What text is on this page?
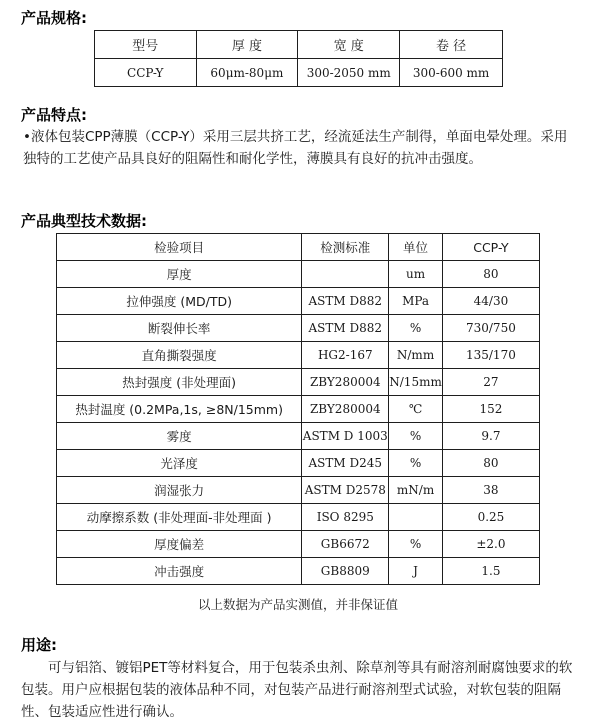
产品规格:
型号	厚 度	宽 度	卷 径
CCP-Y	60μm-80μm	300-2050 mm	300-600 mm
产品特点:

•液体包装CPP薄膜（CCP-Y）采用三层共挤工艺，经流延法生产制得，单面电晕处理。采用独特的工艺使产品具良好的阻隔性和耐化学性，薄膜具有良好的抗冲击强度。

产品典型技术数据:
检验项目	检测标准	单位	CCP-Y
厚度		um	80
拉伸强度 (MD/TD)	ASTM D882	MPa	44/30
断裂伸长率	ASTM D882	%	730/750
直角撕裂强度	HG2-167	N/mm	135/170
热封强度 (非处理面)	ZBY280004	N/15mm	27
热封温度 (0.2MPa,1s, ≥8N/15mm)	ZBY280004	℃	152
雾度	ASTM D 1003	%	9.7
光泽度	ASTM D245	%	80
润湿张力	ASTM D2578	mN/m	38
动摩擦系数 (非处理面-非处理面 )	ISO 8295		0.25
厚度偏差	GB6672	%	±2.0
冲击强度	GB8809	J	1.5

以上数据为产品实测值，并非保证值

用途:

可与铝箔、镀铝PET等材料复合，用于包装杀虫剂、除草剂等具有耐溶剂耐腐蚀要求的软包装。用户应根据包装的液体品种不同，对包装产品进行耐溶剂型式试验，对软包装的阻隔性、包装适应性进行确认。
